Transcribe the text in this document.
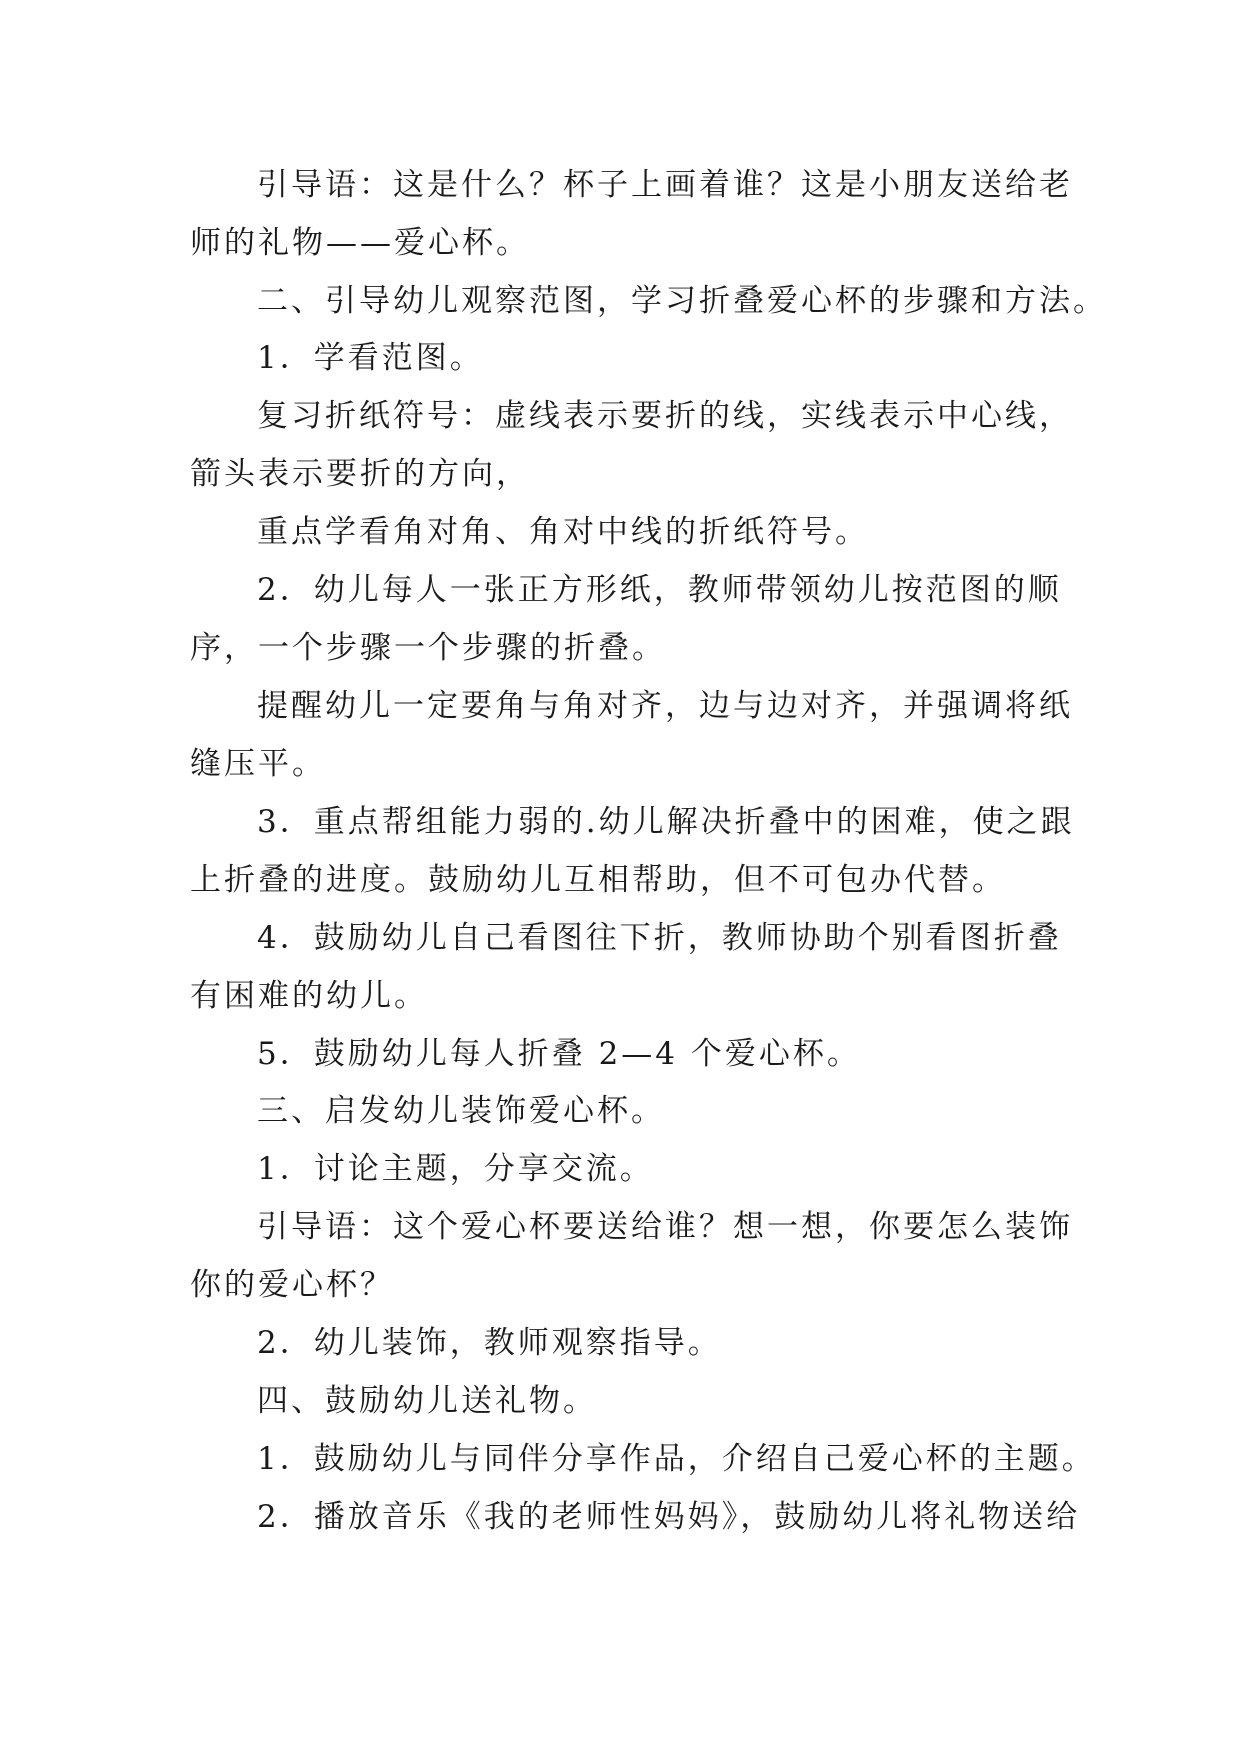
引导语：这是什么？杯子上画着谁？这是小朋友送给老
师的礼物——爱心杯。
二、引导幼儿观察范图，学习折叠爱心杯的步骤和方法。
1．学看范图。
复习折纸符号：虚线表示要折的线，实线表示中心线，
箭头表示要折的方向，
重点学看角对角、角对中线的折纸符号。
2．幼儿每人一张正方形纸，教师带领幼儿按范图的顺
序，一个步骤一个步骤的折叠。
提醒幼儿一定要角与角对齐，边与边对齐，并强调将纸
缝压平。
3．重点帮组能力弱的.幼儿解决折叠中的困难，使之跟
上折叠的进度。鼓励幼儿互相帮助，但不可包办代替。
4．鼓励幼儿自己看图往下折，教师协助个别看图折叠
有困难的幼儿。
5．鼓励幼儿每人折叠 2—4 个爱心杯。
三、启发幼儿装饰爱心杯。
1．讨论主题，分享交流。
引导语：这个爱心杯要送给谁？想一想，你要怎么装饰
你的爱心杯？
2．幼儿装饰，教师观察指导。
四、鼓励幼儿送礼物。
1．鼓励幼儿与同伴分享作品，介绍自己爱心杯的主题。
2．播放音乐《我的老师性妈妈》，鼓励幼儿将礼物送给
